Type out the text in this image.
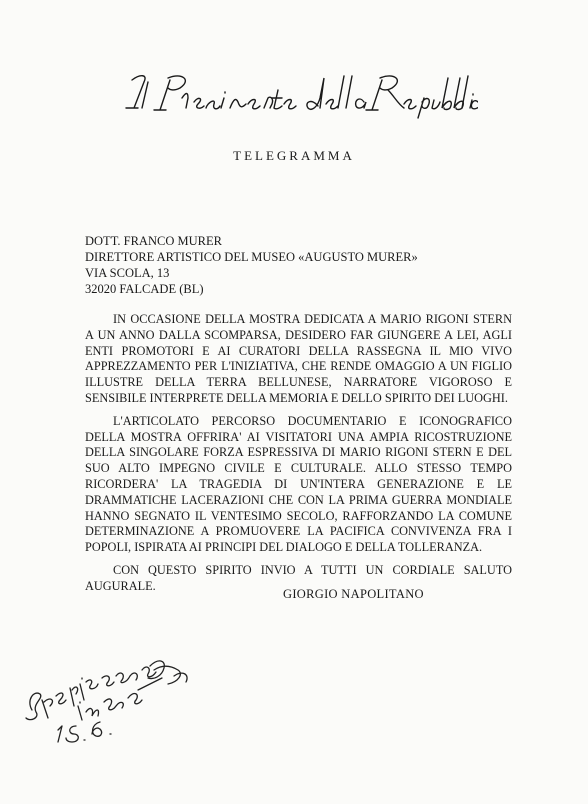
TELEGRAMMA
DOTT. FRANCO MURER
DIRETTORE ARTISTICO DEL MUSEO «AUGUSTO MURER»
VIA SCOLA, 13
32020 FALCADE (BL)

IN OCCASIONE DELLA MOSTRA DEDICATA A MARIO RIGONI STERN A UN ANNO DALLA SCOMPARSA, DESIDERO FAR GIUNGERE A LEI, AGLI ENTI PROMOTORI E AI CURATORI DELLA RASSEGNA IL MIO VIVO APPREZZAMENTO PER L'INIZIATIVA, CHE RENDE OMAGGIO A UN FIGLIO ILLUSTRE DELLA TERRA BELLUNESE, NARRATORE VIGOROSO E SENSIBILE INTERPRETE DELLA MEMORIA E DELLO SPIRITO DEI LUOGHI.

L'ARTICOLATO PERCORSO DOCUMENTARIO E ICONOGRAFICO DELLA MOSTRA OFFRIRA' AI VISITATORI UNA AMPIA RICOSTRUZIONE DELLA SINGOLARE FORZA ESPRESSIVA DI MARIO RIGONI STERN E DEL SUO ALTO IMPEGNO CIVILE E CULTURALE. ALLO STESSO TEMPO RICORDERA' LA TRAGEDIA DI UN'INTERA GENERAZIONE E LE DRAMMATICHE LACERAZIONI CHE CON LA PRIMA GUERRA MONDIALE HANNO SEGNATO IL VENTESIMO SECOLO, RAFFORZANDO LA COMUNE DETERMINAZIONE A PROMUOVERE LA PACIFICA CONVIVENZA FRA I POPOLI, ISPIRATA AI PRINCIPI DEL DIALOGO E DELLA TOLLERANZA.

CON QUESTO SPIRITO INVIO A TUTTI UN CORDIALE SALUTO AUGURALE.

GIORGIO NAPOLITANO
